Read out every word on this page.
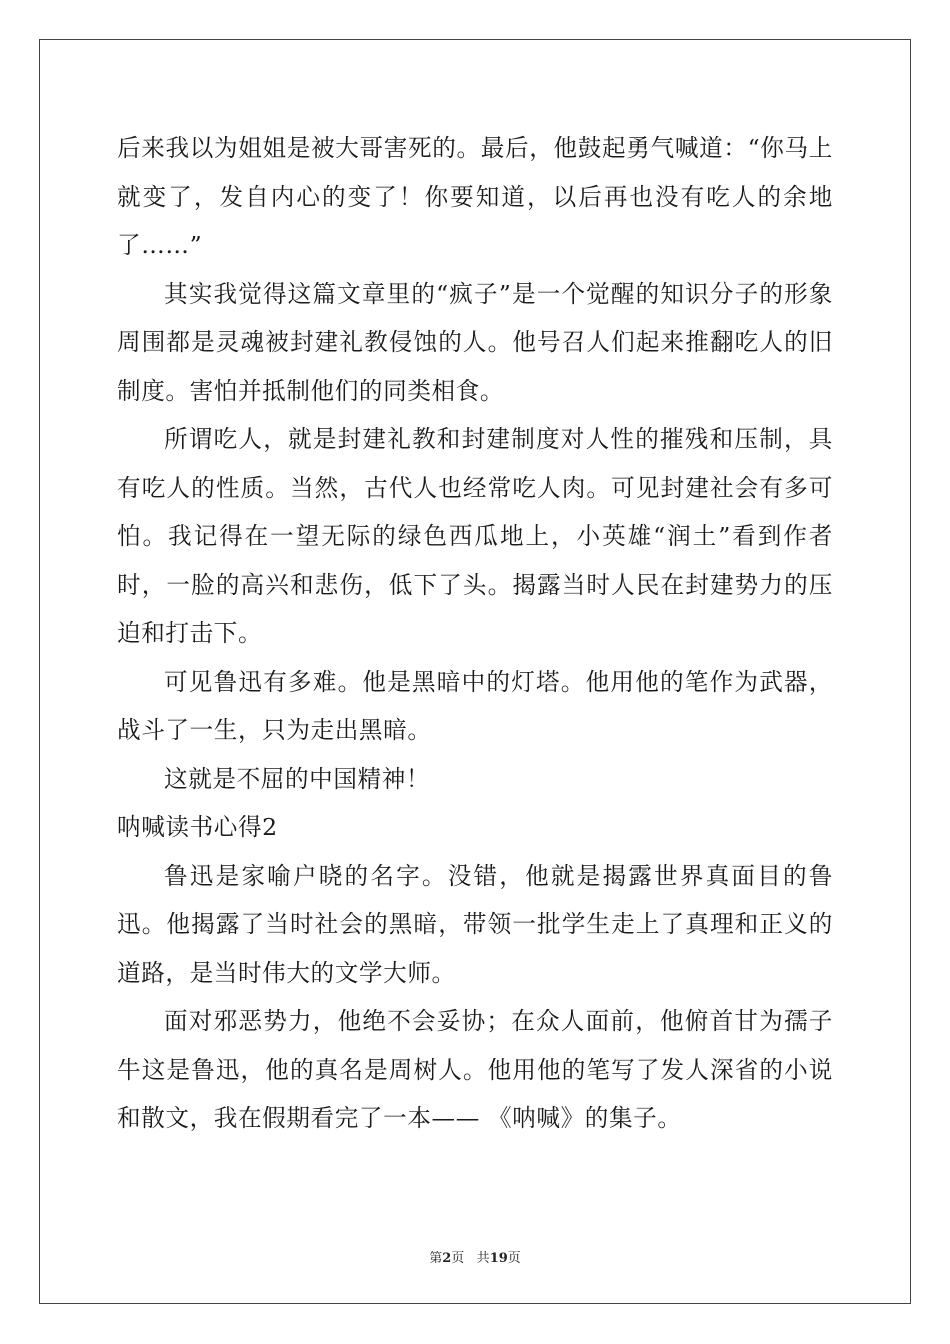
后来我以为姐姐是被大哥害死的。最后，他鼓起勇气喊道：“你马上就变了，发自内心的变了！你要知道，以后再也没有吃人的余地了……”

其实我觉得这篇文章里的“疯子”是一个觉醒的知识分子的形象周围都是灵魂被封建礼教侵蚀的人。他号召人们起来推翻吃人的旧制度。害怕并抵制他们的同类相食。

所谓吃人，就是封建礼教和封建制度对人性的摧残和压制，具有吃人的性质。当然，古代人也经常吃人肉。可见封建社会有多可怕。我记得在一望无际的绿色西瓜地上，小英雄“润土”看到作者时，一脸的高兴和悲伤，低下了头。揭露当时人民在封建势力的压迫和打击下。

可见鲁迅有多难。他是黑暗中的灯塔。他用他的笔作为武器，战斗了一生，只为走出黑暗。

这就是不屈的中国精神！

呐喊读书心得2

鲁迅是家喻户晓的名字。没错，他就是揭露世界真面目的鲁迅。他揭露了当时社会的黑暗，带领一批学生走上了真理和正义的道路，是当时伟大的文学大师。

面对邪恶势力，他绝不会妥协；在众人面前，他俯首甘为孺子牛这是鲁迅，他的真名是周树人。他用他的笔写了发人深省的小说和散文，我在假期看完了一本—— 《呐喊》的集子。

第2页 共19页
